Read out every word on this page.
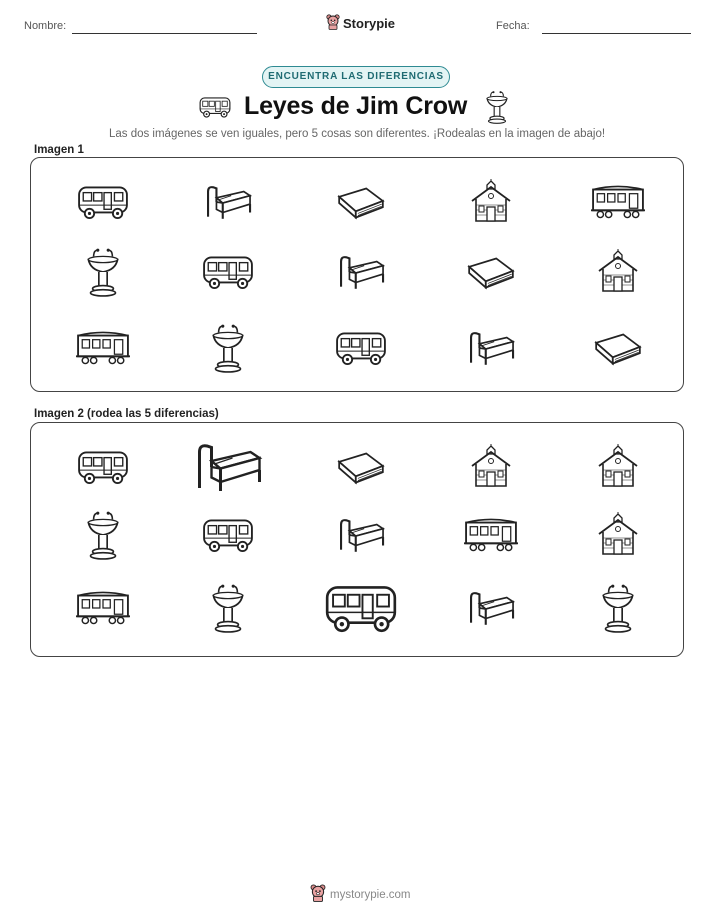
Nombre:	Storypie	Fecha:
ENCUENTRA LAS DIFERENCIAS
Leyes de Jim Crow
Las dos imágenes se ven iguales, pero 5 cosas son diferentes. ¡Rodealas en la imagen de abajo!
Imagen 1
Imagen 2 (rodea las 5 diferencias)
mystorypie.com
